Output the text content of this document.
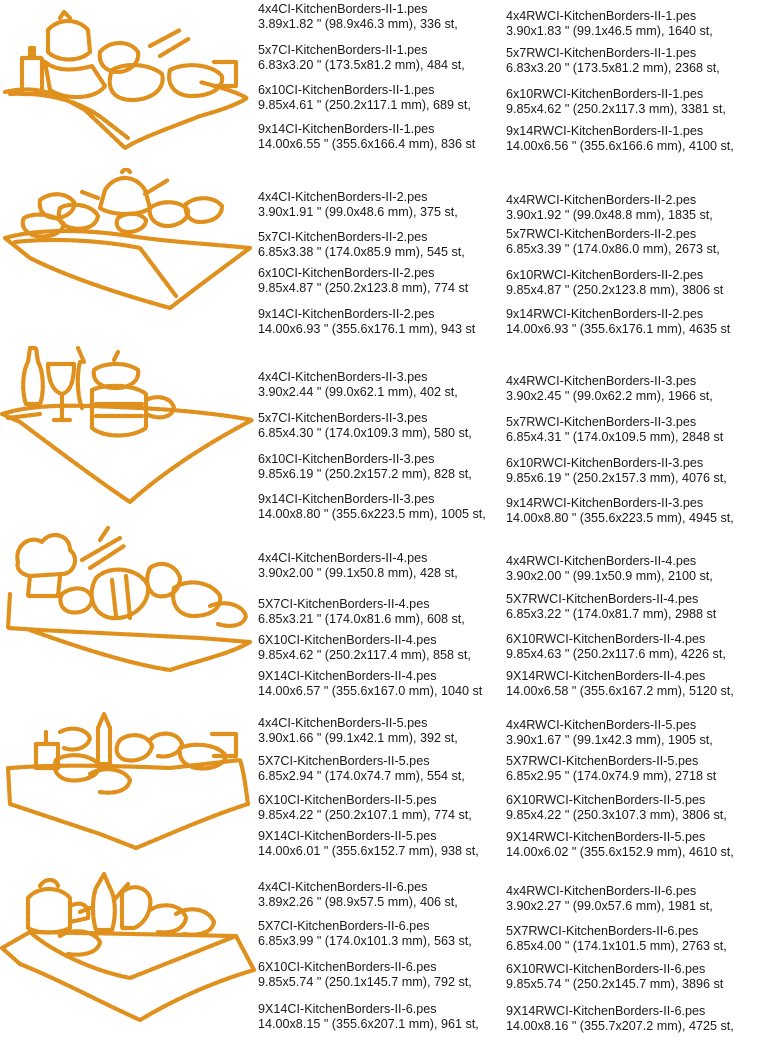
4x4CI-KitchenBorders-II-1.pes
3.89x1.82 " (98.9x46.3 mm), 336 st,
5x7CI-KitchenBorders-II-1.pes
6.83x3.20 " (173.5x81.2 mm), 484 st,
6x10CI-KitchenBorders-II-1.pes
9.85x4.61 " (250.2x117.1 mm), 689 st,
9x14CI-KitchenBorders-II-1.pes
14.00x6.55 " (355.6x166.4 mm), 836 st
4x4RWCI-KitchenBorders-II-1.pes
3.90x1.83 " (99.1x46.5 mm), 1640 st,
5x7RWCI-KitchenBorders-II-1.pes
6.83x3.20 " (173.5x81.2 mm), 2368 st,
6x10RWCI-KitchenBorders-II-1.pes
9.85x4.62 " (250.2x117.3 mm), 3381 st,
9x14RWCI-KitchenBorders-II-1.pes
14.00x6.56 " (355.6x166.6 mm), 4100 st,
4x4CI-KitchenBorders-II-2.pes
3.90x1.91 " (99.0x48.6 mm), 375 st,
5x7CI-KitchenBorders-II-2.pes
6.85x3.38 " (174.0x85.9 mm), 545 st,
6x10CI-KitchenBorders-II-2.pes
9.85x4.87 " (250.2x123.8 mm), 774 st
9x14CI-KitchenBorders-II-2.pes
14.00x6.93 " (355.6x176.1 mm), 943 st
4x4RWCI-KitchenBorders-II-2.pes
3.90x1.92 " (99.0x48.8 mm), 1835 st,
5x7RWCI-KitchenBorders-II-2.pes
6.85x3.39 " (174.0x86.0 mm), 2673 st,
6x10RWCI-KitchenBorders-II-2.pes
9.85x4.87 " (250.2x123.8 mm), 3806 st
9x14RWCI-KitchenBorders-II-2.pes
14.00x6.93 " (355.6x176.1 mm), 4635 st
4x4CI-KitchenBorders-II-3.pes
3.90x2.44 " (99.0x62.1 mm), 402 st,
5x7CI-KitchenBorders-II-3.pes
6.85x4.30 " (174.0x109.3 mm), 580 st,
6x10CI-KitchenBorders-II-3.pes
9.85x6.19 " (250.2x157.2 mm), 828 st,
9x14CI-KitchenBorders-II-3.pes
14.00x8.80 " (355.6x223.5 mm), 1005 st,
4x4RWCI-KitchenBorders-II-3.pes
3.90x2.45 " (99.0x62.2 mm), 1966 st,
5x7RWCI-KitchenBorders-II-3.pes
6.85x4.31 " (174.0x109.5 mm), 2848 st
6x10RWCI-KitchenBorders-II-3.pes
9.85x6.19 " (250.2x157.3 mm), 4076 st,
9x14RWCI-KitchenBorders-II-3.pes
14.00x8.80 " (355.6x223.5 mm), 4945 st,
4x4CI-KitchenBorders-II-4.pes
3.90x2.00 " (99.1x50.8 mm), 428 st,
5X7CI-KitchenBorders-II-4.pes
6.85x3.21 " (174.0x81.6 mm), 608 st,
6X10CI-KitchenBorders-II-4.pes
9.85x4.62 " (250.2x117.4 mm), 858 st,
9X14CI-KitchenBorders-II-4.pes
14.00x6.57 " (355.6x167.0 mm), 1040 st
4x4RWCI-KitchenBorders-II-4.pes
3.90x2.00 " (99.1x50.9 mm), 2100 st,
5X7RWCI-KitchenBorders-II-4.pes
6.85x3.22 " (174.0x81.7 mm), 2988 st
6X10RWCI-KitchenBorders-II-4.pes
9.85x4.63 " (250.2x117.6 mm), 4226 st,
9X14RWCI-KitchenBorders-II-4.pes
14.00x6.58 " (355.6x167.2 mm), 5120 st,
4x4CI-KitchenBorders-II-5.pes
3.90x1.66 " (99.1x42.1 mm), 392 st,
5X7CI-KitchenBorders-II-5.pes
6.85x2.94 " (174.0x74.7 mm), 554 st,
6X10CI-KitchenBorders-II-5.pes
9.85x4.22 " (250.2x107.1 mm), 774 st,
9X14CI-KitchenBorders-II-5.pes
14.00x6.01 " (355.6x152.7 mm), 938 st,
4x4RWCI-KitchenBorders-II-5.pes
3.90x1.67 " (99.1x42.3 mm), 1905 st,
5X7RWCI-KitchenBorders-II-5.pes
6.85x2.95 " (174.0x74.9 mm), 2718 st
6X10RWCI-KitchenBorders-II-5.pes
9.85x4.22 " (250.3x107.3 mm), 3806 st,
9X14RWCI-KitchenBorders-II-5.pes
14.00x6.02 " (355.6x152.9 mm), 4610 st,
4x4CI-KitchenBorders-II-6.pes
3.89x2.26 " (98.9x57.5 mm), 406 st,
5X7CI-KitchenBorders-II-6.pes
6.85x3.99 " (174.0x101.3 mm), 563 st,
6X10CI-KitchenBorders-II-6.pes
9.85x5.74 " (250.1x145.7 mm), 792 st,
9X14CI-KitchenBorders-II-6.pes
14.00x8.15 " (355.6x207.1 mm), 961 st,
4x4RWCI-KitchenBorders-II-6.pes
3.90x2.27 " (99.0x57.6 mm), 1981 st,
5X7RWCI-KitchenBorders-II-6.pes
6.85x4.00 " (174.1x101.5 mm), 2763 st,
6X10RWCI-KitchenBorders-II-6.pes
9.85x5.74 " (250.2x145.7 mm), 3896 st
9X14RWCI-KitchenBorders-II-6.pes
14.00x8.16 " (355.7x207.2 mm), 4725 st,
